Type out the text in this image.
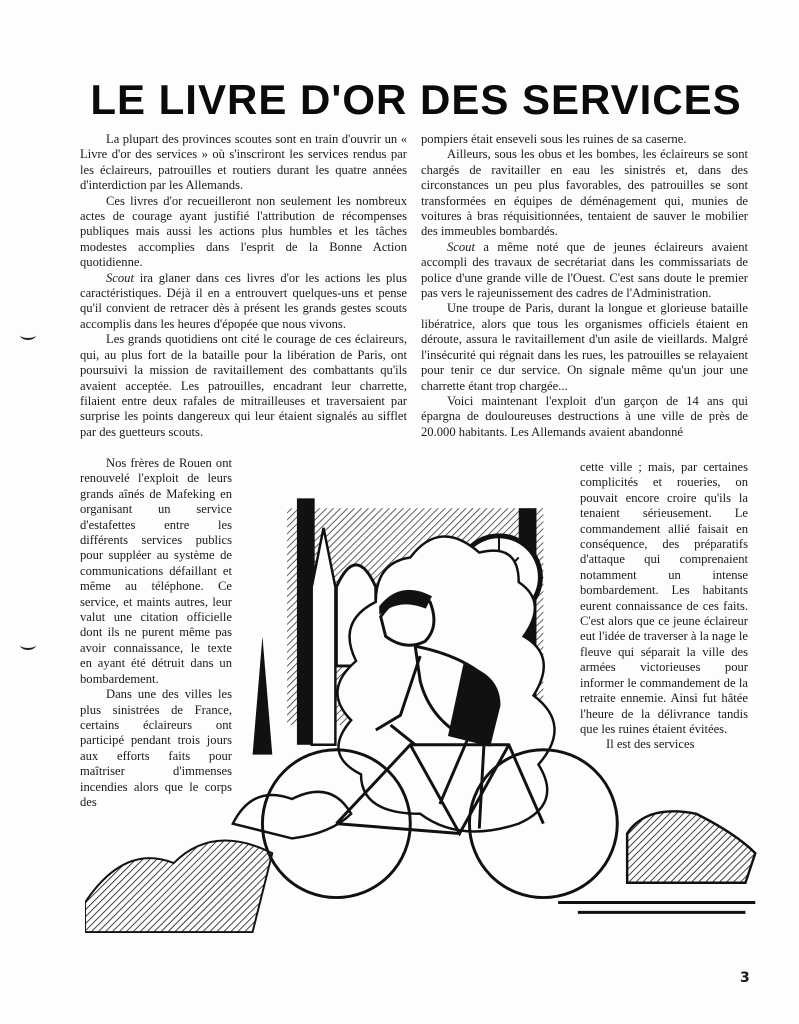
LE LIVRE D'OR DES SERVICES

La plupart des provinces scoutes sont en train d'ouvrir un « Livre d'or des services » où s'inscriront les services rendus par les éclaireurs, patrouilles et routiers durant les quatre années d'interdiction par les Allemands.

Ces livres d'or recueilleront non seulement les nombreux actes de courage ayant justifié l'attribution de récompenses publiques mais aussi les actions plus humbles et les tâches modestes accomplies dans l'esprit de la Bonne Action quotidienne.

Scout ira glaner dans ces livres d'or les actions les plus caractéristiques. Déjà il en a entrouvert quelques-uns et pense qu'il convient de retracer dès à présent les grands gestes scouts accomplis dans les heures d'épopée que nous vivons.

Les grands quotidiens ont cité le courage de ces éclaireurs, qui, au plus fort de la bataille pour la libération de Paris, ont poursuivi la mission de ravitaillement des combattants qu'ils avaient acceptée. Les patrouilles, encadrant leur charrette, filaient entre deux rafales de mitrailleuses et traversaient par surprise les points dangereux qui leur étaient signalés au sifflet par des guetteurs scouts.

Nos frères de Rouen ont renouvelé l'exploit de leurs grands aînés de Mafeking en organisant un service d'estafettes entre les différents services publics pour suppléer au système de communications défaillant et même au téléphone. Ce service, et maints autres, leur valut une citation officielle dont ils ne purent même pas avoir connaissance, le texte en ayant été détruit dans un bombardement.

Dans une des villes les plus sinistrées de France, certains éclaireurs ont participé pendant trois jours aux efforts faits pour maîtriser d'immenses incendies alors que le corps des

pompiers était enseveli sous les ruines de sa caserne.

Ailleurs, sous les obus et les bombes, les éclaireurs se sont chargés de ravitailler en eau les sinistrés et, dans des circonstances un peu plus favorables, des patrouilles se sont transformées en équipes de déménagement qui, munies de voitures à bras réquisitionnées, tentaient de sauver le mobilier des immeubles bombardés.

Scout a même noté que de jeunes éclaireurs avaient accompli des travaux de secrétariat dans les commissariats de police d'une grande ville de l'Ouest. C'est sans doute le premier pas vers le rajeunissement des cadres de l'Administration.

Une troupe de Paris, durant la longue et glorieuse bataille libératrice, alors que tous les organismes officiels étaient en déroute, assura le ravitaillement d'un asile de vieillards. Malgré l'insécurité qui régnait dans les rues, les patrouilles se relayaient pour tenir ce dur service. On signale même qu'un jour une charrette étant trop chargée...

Voici maintenant l'exploit d'un garçon de 14 ans qui épargna de douloureuses destructions à une ville de près de 20.000 habitants. Les Allemands avaient abandonné

cette ville ; mais, par certaines complicités et roueries, on pouvait encore croire qu'ils la tenaient sérieusement. Le commandement allié faisait en conséquence, des préparatifs d'attaque qui comprenaient notamment un intense bombardement. Les habitants eurent connaissance de ces faits. C'est alors que ce jeune éclaireur eut l'idée de traverser à la nage le fleuve qui séparait la ville des armées victorieuses pour informer le commandement de la retraite ennemie. Ainsi fut hâtée l'heure de la délivrance tandis que les ruines étaient évitées.

Il est des services

3
